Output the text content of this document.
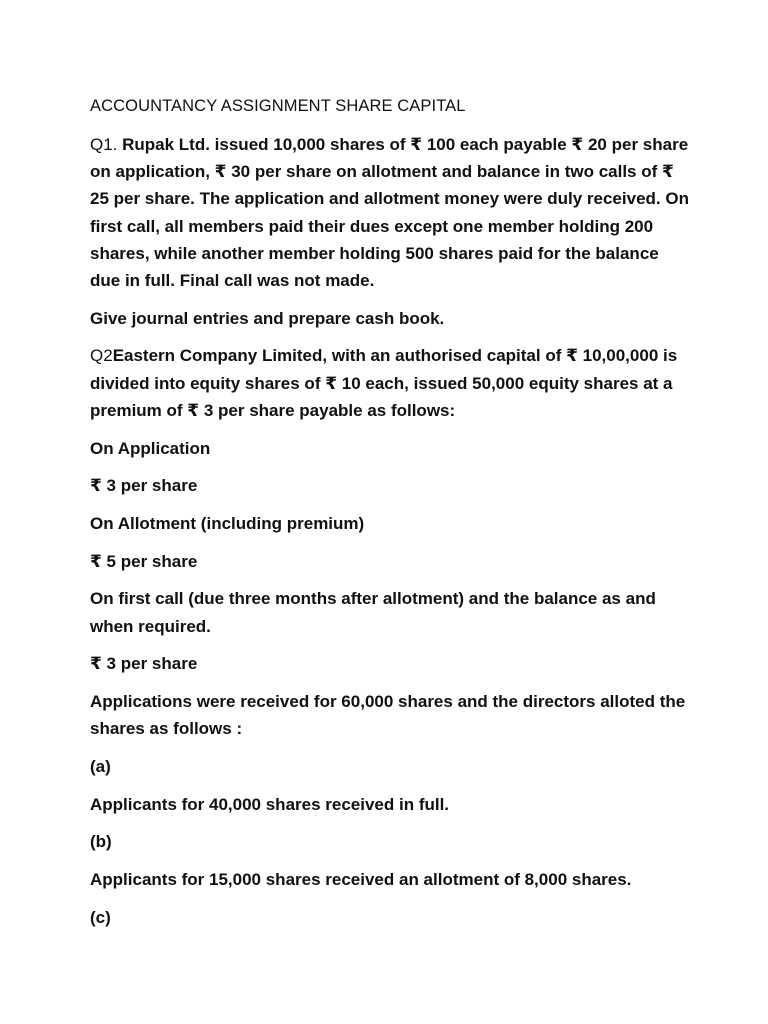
ACCOUNTANCY ASSIGNMENT SHARE CAPITAL

Q1. Rupak Ltd. issued 10,000 shares of ₹ 100 each payable ₹ 20 per share on application, ₹ 30 per share on allotment and balance in two calls of ₹ 25 per share. The application and allotment money were duly received. On first call, all members paid their dues except one member holding 200 shares, while another member holding 500 shares paid for the balance due in full. Final call was not made.

Give journal entries and prepare cash book.

Q2Eastern Company Limited, with an authorised capital of ₹ 10,00,000 is divided into equity shares of ₹ 10 each, issued 50,000 equity shares at a premium of ₹ 3 per share payable as follows:

On Application

₹ 3 per share

On Allotment (including premium)

₹ 5 per share

On first call (due three months after allotment) and the balance as and when required.

₹ 3 per share

Applications were received for 60,000 shares and the directors alloted the shares as follows :

(a)

Applicants for 40,000 shares received in full.

(b)

Applicants for 15,000 shares received an allotment of 8,000 shares.

(c)
